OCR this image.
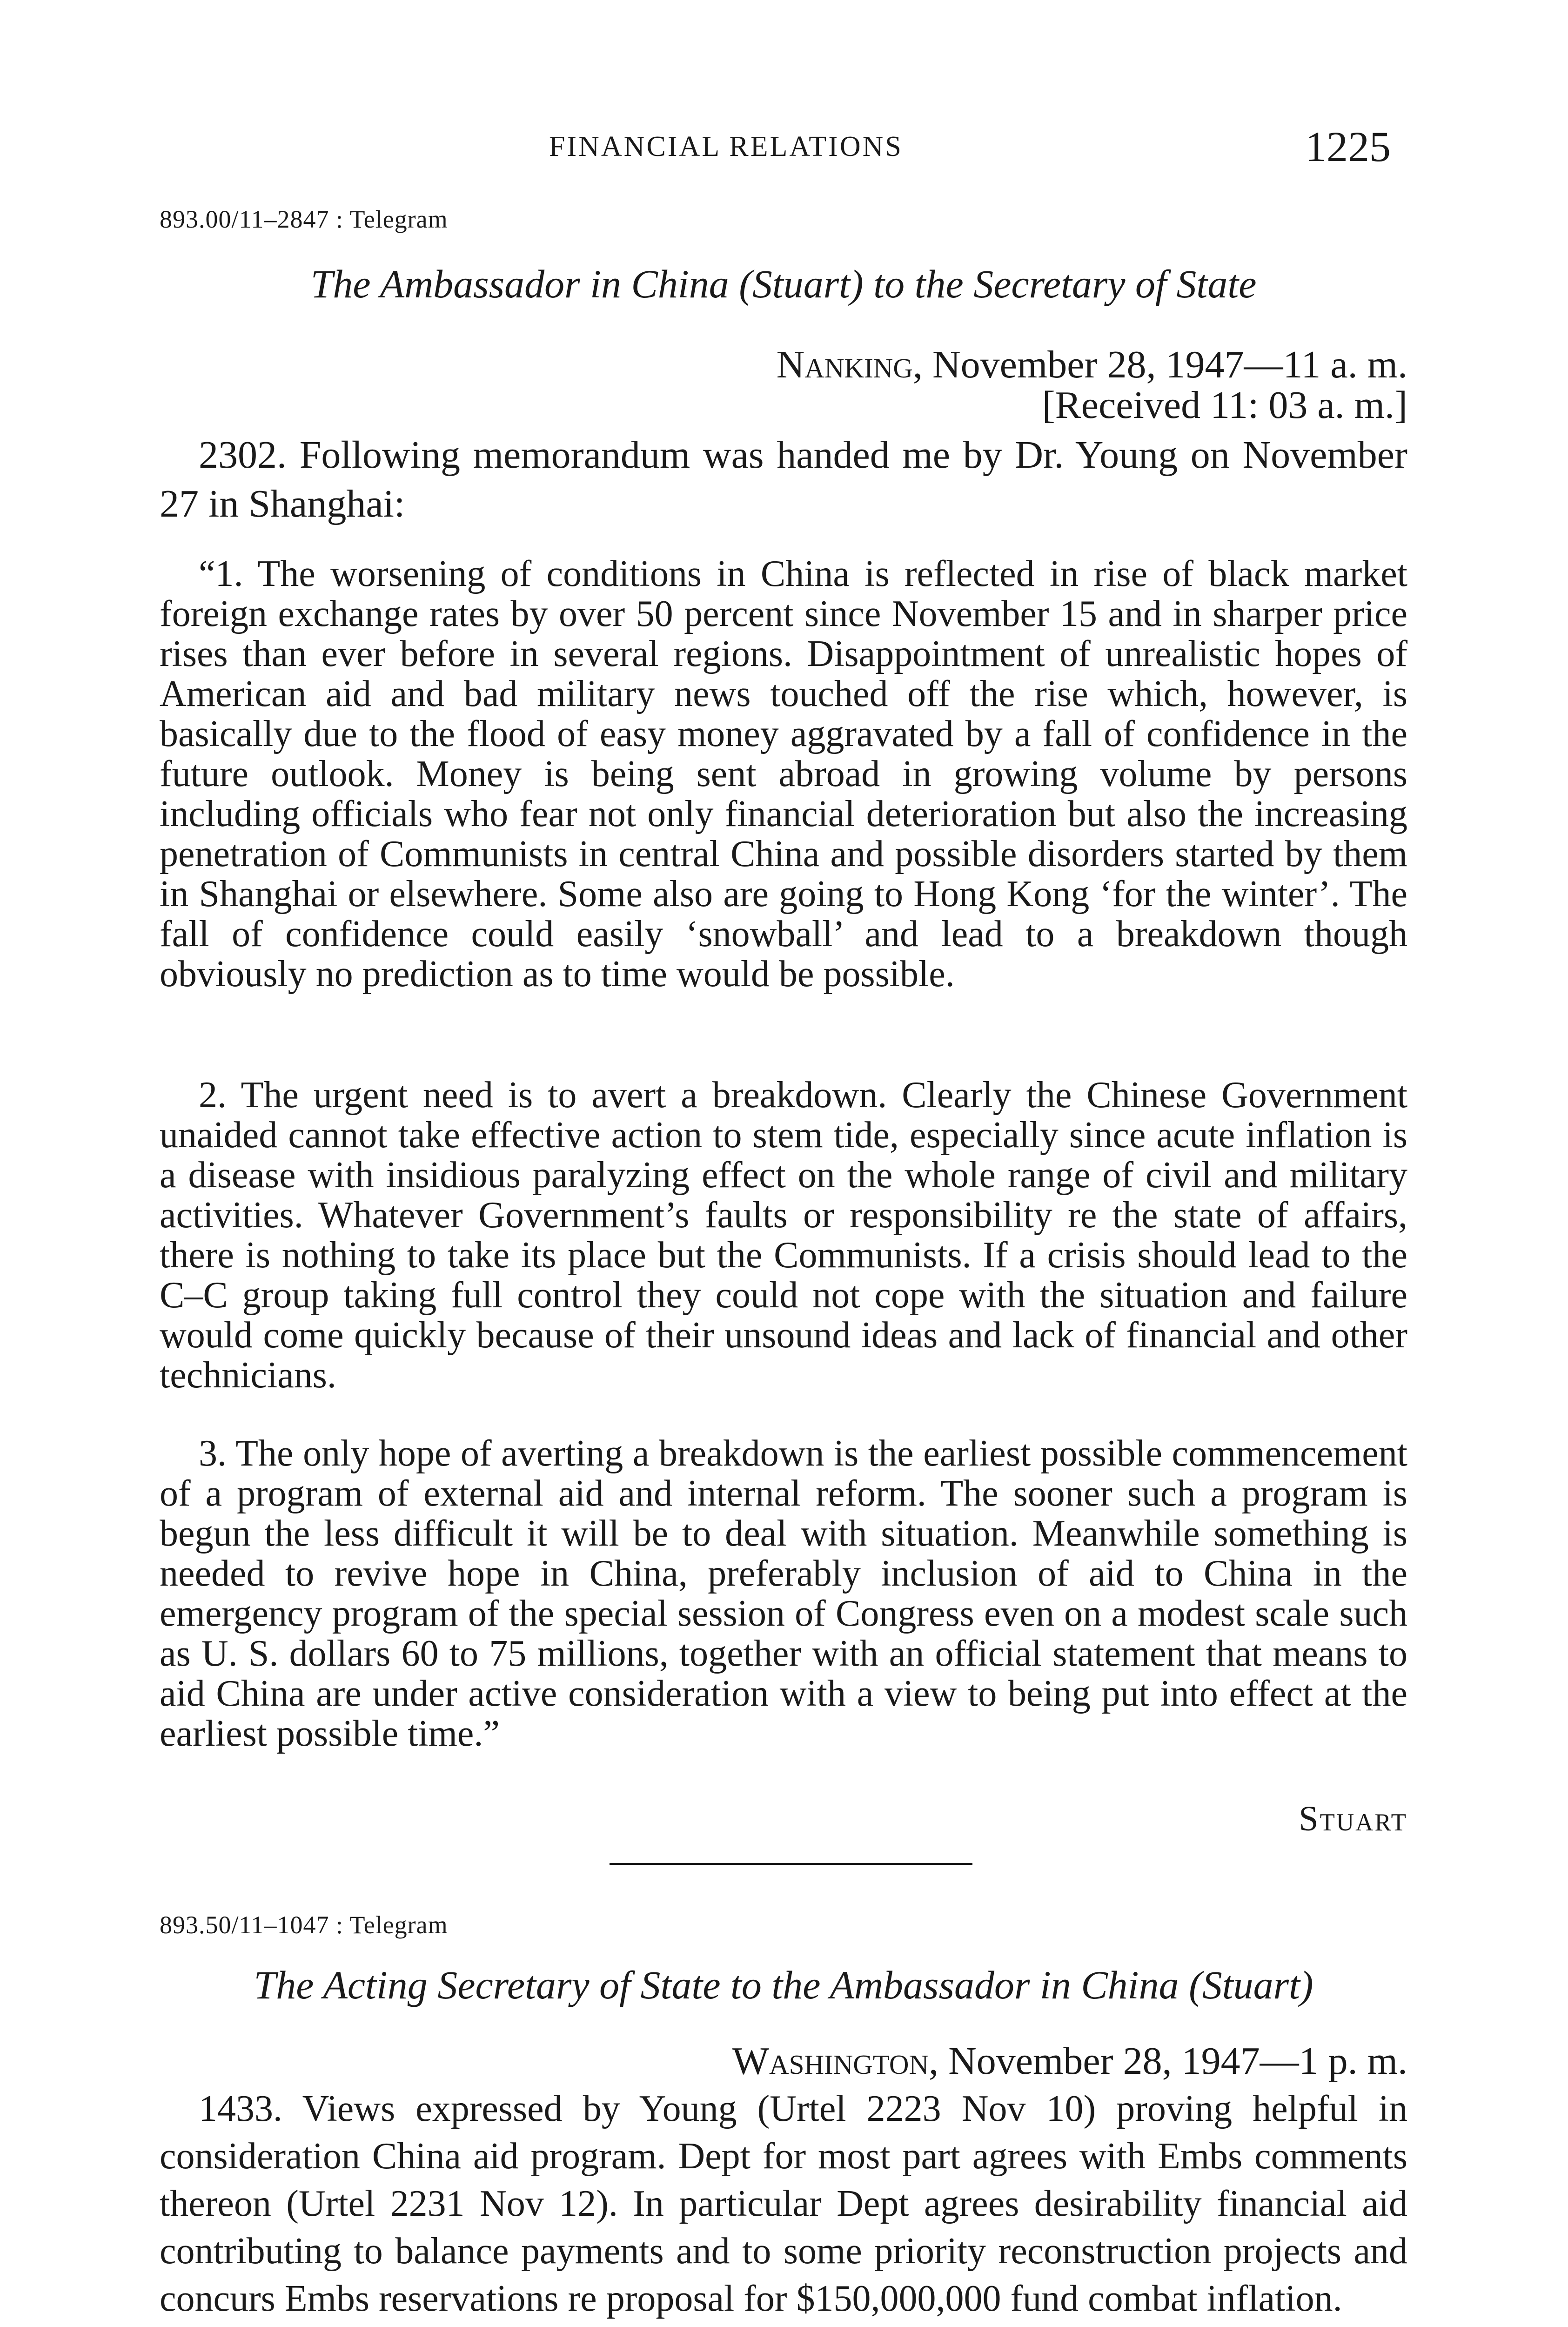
FINANCIAL RELATIONS	1225
893.00/11–2847 : Telegram
The Ambassador in China (Stuart) to the Secretary of State
Nanking, November 28, 1947—11 a. m.
[Received 11: 03 a. m.]

2302. Following memorandum was handed me by Dr. Young on November 27 in Shanghai:

“1. The worsening of conditions in China is reflected in rise of black market foreign exchange rates by over 50 percent since November 15 and in sharper price rises than ever before in several regions. Disappointment of unrealistic hopes of American aid and bad military news touched off the rise which, however, is basically due to the flood of easy money aggravated by a fall of confidence in the future outlook. Money is being sent abroad in growing volume by persons including officials who fear not only financial deterioration but also the increasing penetration of Communists in central China and possible disorders started by them in Shanghai or elsewhere. Some also are going to Hong Kong ‘for the winter’. The fall of confidence could easily ‘snowball’ and lead to a breakdown though obviously no prediction as to time would be possible.

2. The urgent need is to avert a breakdown. Clearly the Chinese Government unaided cannot take effective action to stem tide, especially since acute inflation is a disease with insidious paralyzing effect on the whole range of civil and military activities. Whatever Government’s faults or responsibility re the state of affairs, there is nothing to take its place but the Communists. If a crisis should lead to the C–C group taking full control they could not cope with the situation and failure would come quickly because of their unsound ideas and lack of financial and other technicians.

3. The only hope of averting a breakdown is the earliest possible commencement of a program of external aid and internal reform. The sooner such a program is begun the less difficult it will be to deal with situation. Meanwhile something is needed to revive hope in China, preferably inclusion of aid to China in the emergency program of the special session of Congress even on a modest scale such as U. S. dollars 60 to 75 millions, together with an official statement that means to aid China are under active consideration with a view to being put into effect at the earliest possible time.”

Stuart
893.50/11–1047 : Telegram
The Acting Secretary of State to the Ambassador in China (Stuart)
Washington, November 28, 1947—1 p. m.

1433. Views expressed by Young (Urtel 2223 Nov 10) proving helpful in consideration China aid program. Dept for most part agrees with Embs comments thereon (Urtel 2231 Nov 12). In particular Dept agrees desirability financial aid contributing to balance payments and to some priority reconstruction projects and concurs Embs reservations re proposal for $150,000,000 fund combat inflation.
